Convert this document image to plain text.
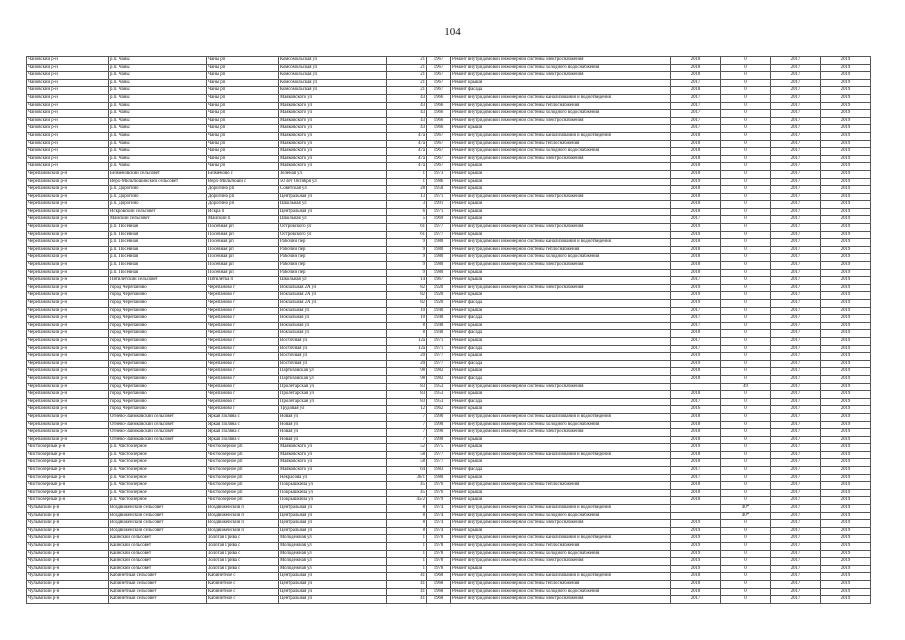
104
Чановский р-н	р.п. Чаны	Чаны рп	Комсомольская ул	21	1967	Ремонт внутридомовой инженерной системы электроснабжения	2018	0	2017	2019
Чановский р-н	р.п. Чаны	Чаны рп	Комсомольская ул	21	1967	Ремонт внутридомовой инженерной системы холодного водоснабжения	2018	0	2017	2019
Чановский р-н	р.п. Чаны	Чаны рп	Комсомольская ул	21	1967	Ремонт внутридомовой инженерной системы электроснабжения	2018	0	2017	2019
Чановский р-н	р.п. Чаны	Чаны рп	Комсомольская ул	21	1967	Ремонт крыши	2017	0	2017	2019
Чановский р-н	р.п. Чаны	Чаны рп	Комсомольская ул	21	1967	Ремонт фасада	2018	0	2017	2019
Чановский р-н	р.п. Чаны	Чаны рп	Маяковского ул	43	1966	Ремонт внутридомовой инженерной системы канализования и водоотведения	2017	0	2017	2019
Чановский р-н	р.п. Чаны	Чаны рп	Маяковского ул	43	1966	Ремонт внутридомовой инженерной системы теплоснабжения	2017	0	2017	2019
Чановский р-н	р.п. Чаны	Чаны рп	Маяковского ул	43	1966	Ремонт внутридомовой инженерной системы холодного водоснабжения	2017	0	2017	2019
Чановский р-н	р.п. Чаны	Чаны рп	Маяковского ул	43	1966	Ремонт внутридомовой инженерной системы электроснабжения	2017	0	2017	2019
Чановский р-н	р.п. Чаны	Чаны рп	Маяковского ул	43	1966	Ремонт крыши	2017	0	2017	2019
Чановский р-н	р.п. Чаны	Чаны рп	Маяковского ул	47а	1967	Ремонт внутридомовой инженерной системы канализования и водоотведения	2018	0	2017	2019
Чановский р-н	р.п. Чаны	Чаны рп	Маяковского ул	47а	1967	Ремонт внутридомовой инженерной системы теплоснабжения	2018	0	2017	2019
Чановский р-н	р.п. Чаны	Чаны рп	Маяковского ул	47а	1967	Ремонт внутридомовой инженерной системы холодного водоснабжения	2018	0	2017	2019
Чановский р-н	р.п. Чаны	Чаны рп	Маяковского ул	47а	1967	Ремонт внутридомовой инженерной системы электроснабжения	2018	0	2017	2019
Чановский р-н	р.п. Чаны	Чаны рп	Маяковского ул	47а	1967	Ремонт крыши	2018	0	2017	2019
Черепановский р-н	Безменовский сельсовет	Безменово с	Зеленая ул	1	1973	Ремонт крыши	2018	0	2017	2019
Черепановский р-н	Верх-Мильтюшинский сельсовет	Верх-Мильтюши с	50 лет Октября ул	1	1986	Ремонт крыши	2019	0	2017	2019
Черепановский р-н	р.п. Дорогино	Дорогино рп	Советская ул	28	1958	Ремонт крыши	2018	0	2017	2019
Черепановский р-н	р.п. Дорогино	Дорогино рп	Центральная ул	13	1971	Ремонт внутридомовой инженерной системы электроснабжения	2018	0	2017	2019
Черепановский р-н	р.п. Дорогино	Дорогино рп	Школьная ул	3	1991	Ремонт крыши	2018	0	2017	2019
Черепановский р-н	Искровский сельсовет	Искра п	Центральная ул	6	1971	Ремонт крыши	2018	0	2017	2019
Черепановский р-н	Майский сельсовет	Майский п	Школьная ул	5	1969	Ремонт крыши	2017	0	2017	2019
Черепановский р-н	р.п. Посевная	Посевная рп	Островского ул	61	1977	Ремонт внутридомовой инженерной системы электроснабжения	2019	0	2017	2019
Черепановский р-н	р.п. Посевная	Посевная рп	Островского ул	61	1977	Ремонт крыши	2019	0	2017	2019
Черепановский р-н	р.п. Посевная	Посевная рп	Рабочий пер	9	1980	Ремонт внутридомовой инженерной системы канализования и водоотведения	2018	0	2017	2019
Черепановский р-н	р.п. Посевная	Посевная рп	Рабочий пер	9	1980	Ремонт внутридомовой инженерной системы теплоснабжения	2018	0	2017	2019
Черепановский р-н	р.п. Посевная	Посевная рп	Рабочий пер	9	1980	Ремонт внутридомовой инженерной системы холодного водоснабжения	2018	0	2017	2019
Черепановский р-н	р.п. Посевная	Посевная рп	Рабочий пер	9	1980	Ремонт внутридомовой инженерной системы электроснабжения	2018	0	2017	2019
Черепановский р-н	р.п. Посевная	Посевная рп	Рабочий пер	9	1980	Ремонт крыши	2018	0	2017	2019
Черепановский р-н	Пятилетский сельсовет	Пятилетка п	Школьная ул	14	1967	Ремонт крыши	2017	0	2017	2019
Черепановский р-н	город Черепаново	Черепаново г	Вокзальная 2А ул	82	1920	Ремонт внутридомовой инженерной системы электроснабжения	2019	0	2017	2019
Черепановский р-н	город Черепаново	Черепаново г	Вокзальная 2А ул	82	1920	Ремонт крыши	2019	0	2017	2019
Черепановский р-н	город Черепаново	Черепаново г	Вокзальная 2А ул	82	1920	Ремонт фасада	2019	0	2017	2019
Черепановский р-н	город Черепаново	Черепаново г	Вокзальная ул	10	1940	Ремонт крыши	2017	0	2017	2019
Черепановский р-н	город Черепаново	Черепаново г	Вокзальная ул	10	1940	Ремонт фасада	2017	0	2017	2019
Черепановский р-н	город Черепаново	Черепаново г	Вокзальная ул	8	1940	Ремонт крыши	2017	0	2017	2019
Черепановский р-н	город Черепаново	Черепаново г	Вокзальная ул	8	1940	Ремонт фасада	2018	0	2017	2019
Черепановский р-н	город Черепаново	Черепаново г	Восточная ул	12а	1971	Ремонт крыши	2017	0	2017	2019
Черепановский р-н	город Черепаново	Черепаново г	Восточная ул	12а	1971	Ремонт фасада	2017	0	2017	2019
Черепановский р-н	город Черепаново	Черепаново г	Восточная ул	20	1977	Ремонт крыши	2019	0	2017	2019
Черепановский р-н	город Черепаново	Черепаново г	Восточная ул	20	1977	Ремонт фасада	2019	0	2017	2019
Черепановский р-н	город Черепаново	Черепаново г	Партизанская ул	98	1982	Ремонт крыши	2018	0	2017	2019
Черепановский р-н	город Черепаново	Черепаново г	Партизанская ул	98	1982	Ремонт фасада	2018	0	2017	2019
Черепановский р-н	город Черепаново	Черепаново г	Пролетарская ул	83	1953	Ремонт внутридомовой инженерной системы электроснабжения		49	2017	2019
Черепановский р-н	город Черепаново	Черепаново г	Пролетарская ул	83	1953	Ремонт крыши	2018	0	2017	2019
Черепановский р-н	город Черепаново	Черепаново г	Пролетарская ул	83	1953	Ремонт фасада	2017	0	2017	2019
Черепановский р-н	город Черепаново	Черепаново г	Трудовая ул	12	1962	Ремонт крыши	2016	0	2017	2019
Черепановский р-н	Огнево-Заимковский сельсовет	Яркая Поляна с	Новая ул	7	1990	Ремонт внутридомовой инженерной системы канализования и водоотведения	2018	0	2017	2019
Черепановский р-н	Огнево-Заимковский сельсовет	Яркая Поляна с	Новая ул	7	1990	Ремонт внутридомовой инженерной системы холодного водоснабжения	2018	0	2017	2019
Черепановский р-н	Огнево-Заимковский сельсовет	Яркая Поляна с	Новая ул	7	1990	Ремонт внутридомовой инженерной системы электроснабжения	2018	0	2017	2019
Черепановский р-н	Огнево-Заимковский сельсовет	Яркая Поляна с	Новая ул	7	1990	Ремонт крыши	2018	0	2017	2019
Чистоозерный р-н	р.п. Чистоозерное	Чистоозерное рп	Маяковского ул	52	1975	Ремонт крыши	2019	0	2017	2019
Чистоозерный р-н	р.п. Чистоозерное	Чистоозерное рп	Маяковского ул	58	1977	Ремонт внутридомовой инженерной системы канализования и водоотведения	2018	0	2017	2019
Чистоозерный р-н	р.п. Чистоозерное	Чистоозерное рп	Маяковского ул	58	1977	Ремонт крыши	2018	0	2017	2019
Чистоозерный р-н	р.п. Чистоозерное	Чистоозерное рп	Маяковского ул	64	1983	Ремонт фасада	2017	0	2017	2019
Чистоозерный р-н	р.п. Чистоозерное	Чистоозерное рп	Некрасова ул	36/1	1980	Ремонт крыши	2017	0	2017	2019
Чистоозерный р-н	р.п. Чистоозерное	Чистоозерное рп	Покрышкина ул	45	1976	Ремонт внутридомовой инженерной системы теплоснабжения	2018	0	2017	2019
Чистоозерный р-н	р.п. Чистоозерное	Чистоозерное рп	Покрышкина ул	45	1976	Ремонт крыши	2018	0	2017	2019
Чистоозерный р-н	р.п. Чистоозерное	Чистоозерное рп	Покрышкина ул	45/2	1979	Ремонт крыши	2018	0	2017	2019
Чулымский р-н	Воздвиженский сельсовет	Воздвиженский п	Центральная ул	8	1974	Ремонт внутридомовой инженерной системы канализования и водоотведения		40*	2017	2019
Чулымский р-н	Воздвиженский сельсовет	Воздвиженский п	Центральная ул	8	1974	Ремонт внутридомовой инженерной системы холодного водоснабжения		40*	2017	2019
Чулымский р-н	Воздвиженский сельсовет	Воздвиженский п	Центральная ул	8	1974	Ремонт внутридомовой инженерной системы электроснабжения	2019	0	2017	2019
Чулымский р-н	Воздвиженский сельсовет	Воздвиженский п	Центральная ул	8	1974	Ремонт крыши	2019	0	2017	2019
Чулымский р-н	Каинский сельсовет	Золотая Грива с	Молодежная ул	1	1978	Ремонт внутридомовой инженерной системы канализования и водоотведения	2019	0	2017	2019
Чулымский р-н	Каинский сельсовет	Золотая Грива с	Молодежная ул	1	1978	Ремонт внутридомовой инженерной системы теплоснабжения	2019	0	2017	2019
Чулымский р-н	Каинский сельсовет	Золотая Грива с	Молодежная ул	1	1978	Ремонт внутридомовой инженерной системы холодного водоснабжения	2019	0	2017	2019
Чулымский р-н	Каинский сельсовет	Золотая Грива с	Молодежная ул	1	1978	Ремонт внутридомовой инженерной системы электроснабжения	2019	0	2017	2019
Чулымский р-н	Каинский сельсовет	Золотая Грива с	Молодежная ул	1	1978	Ремонт крыши	2019	0	2017	2019
Чулымский р-н	Кабинетный сельсовет	Кабинетное с	Центральная ул	41	1968	Ремонт внутридомовой инженерной системы канализования и водоотведения	2018	0	2017	2019
Чулымский р-н	Кабинетный сельсовет	Кабинетное с	Центральная ул	41	1968	Ремонт внутридомовой инженерной системы теплоснабжения	2018	0	2017	2019
Чулымский р-н	Кабинетный сельсовет	Кабинетное с	Центральная ул	41	1968	Ремонт внутридомовой инженерной системы холодного водоснабжения	2018	0	2017	2019
Чулымский р-н	Кабинетный сельсовет	Кабинетное с	Центральная ул	41	1968	Ремонт внутридомовой инженерной системы электроснабжения	2017	0	2017	2019
